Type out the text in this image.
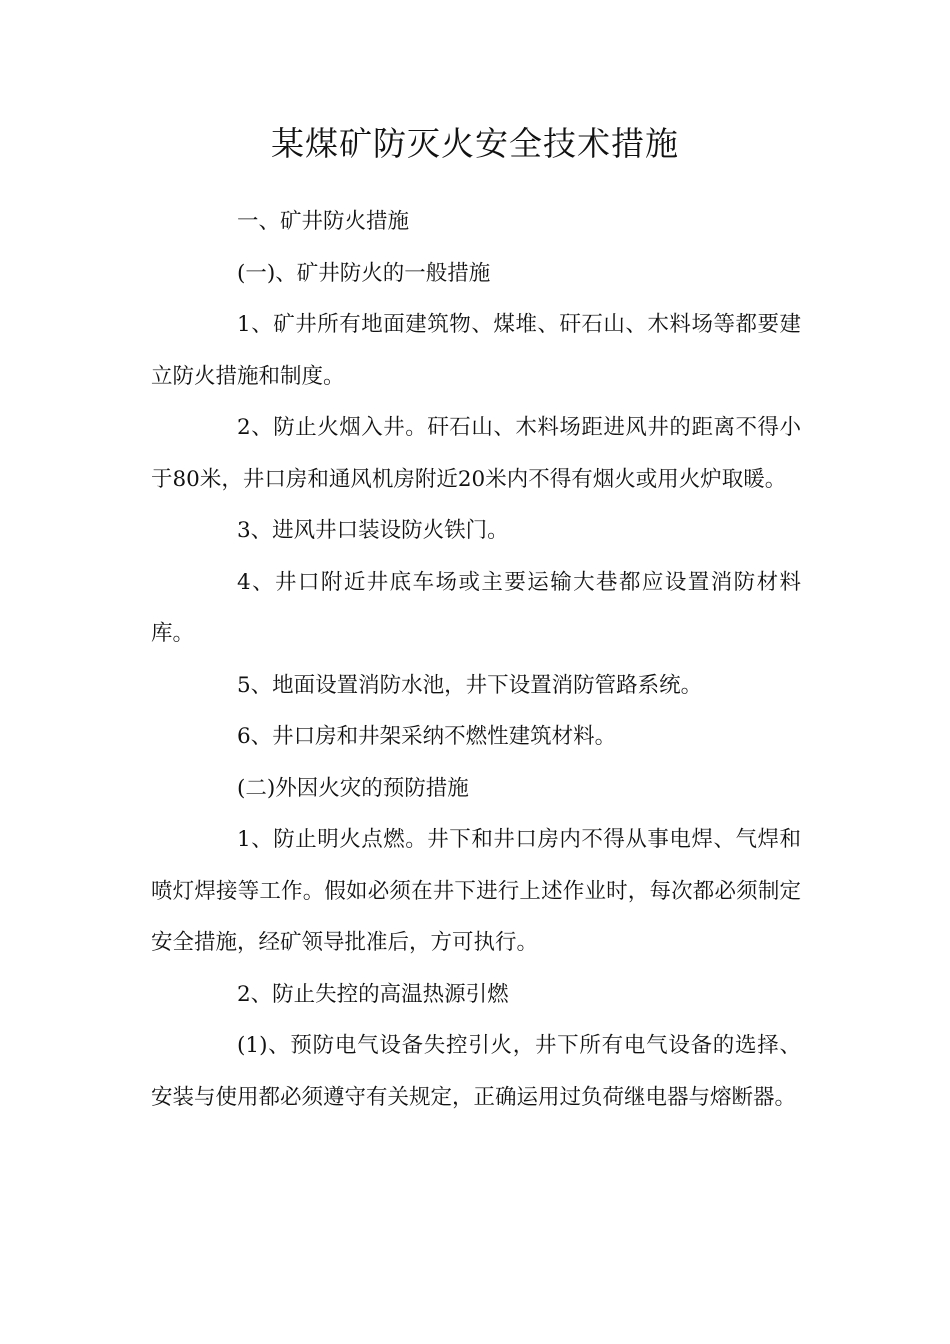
某煤矿防灭火安全技术措施

一、矿井防火措施

(一)、矿井防火的一般措施

1、矿井所有地面建筑物、煤堆、矸石山、木料场等都要建立防火措施和制度。

2、防止火烟入井。矸石山、木料场距进风井的距离不得小于80米，井口房和通风机房附近20米内不得有烟火或用火炉取暖。

3、进风井口装设防火铁门。

4、井口附近井底车场或主要运输大巷都应设置消防材料库。

5、地面设置消防水池，井下设置消防管路系统。

6、井口房和井架采纳不燃性建筑材料。

(二)外因火灾的预防措施

1、防止明火点燃。井下和井口房内不得从事电焊、气焊和喷灯焊接等工作。假如必须在井下进行上述作业时，每次都必须制定安全措施，经矿领导批准后，方可执行。

2、防止失控的高温热源引燃

(1)、预防电气设备失控引火，井下所有电气设备的选择、安装与使用都必须遵守有关规定，正确运用过负荷继电器与熔断器。
